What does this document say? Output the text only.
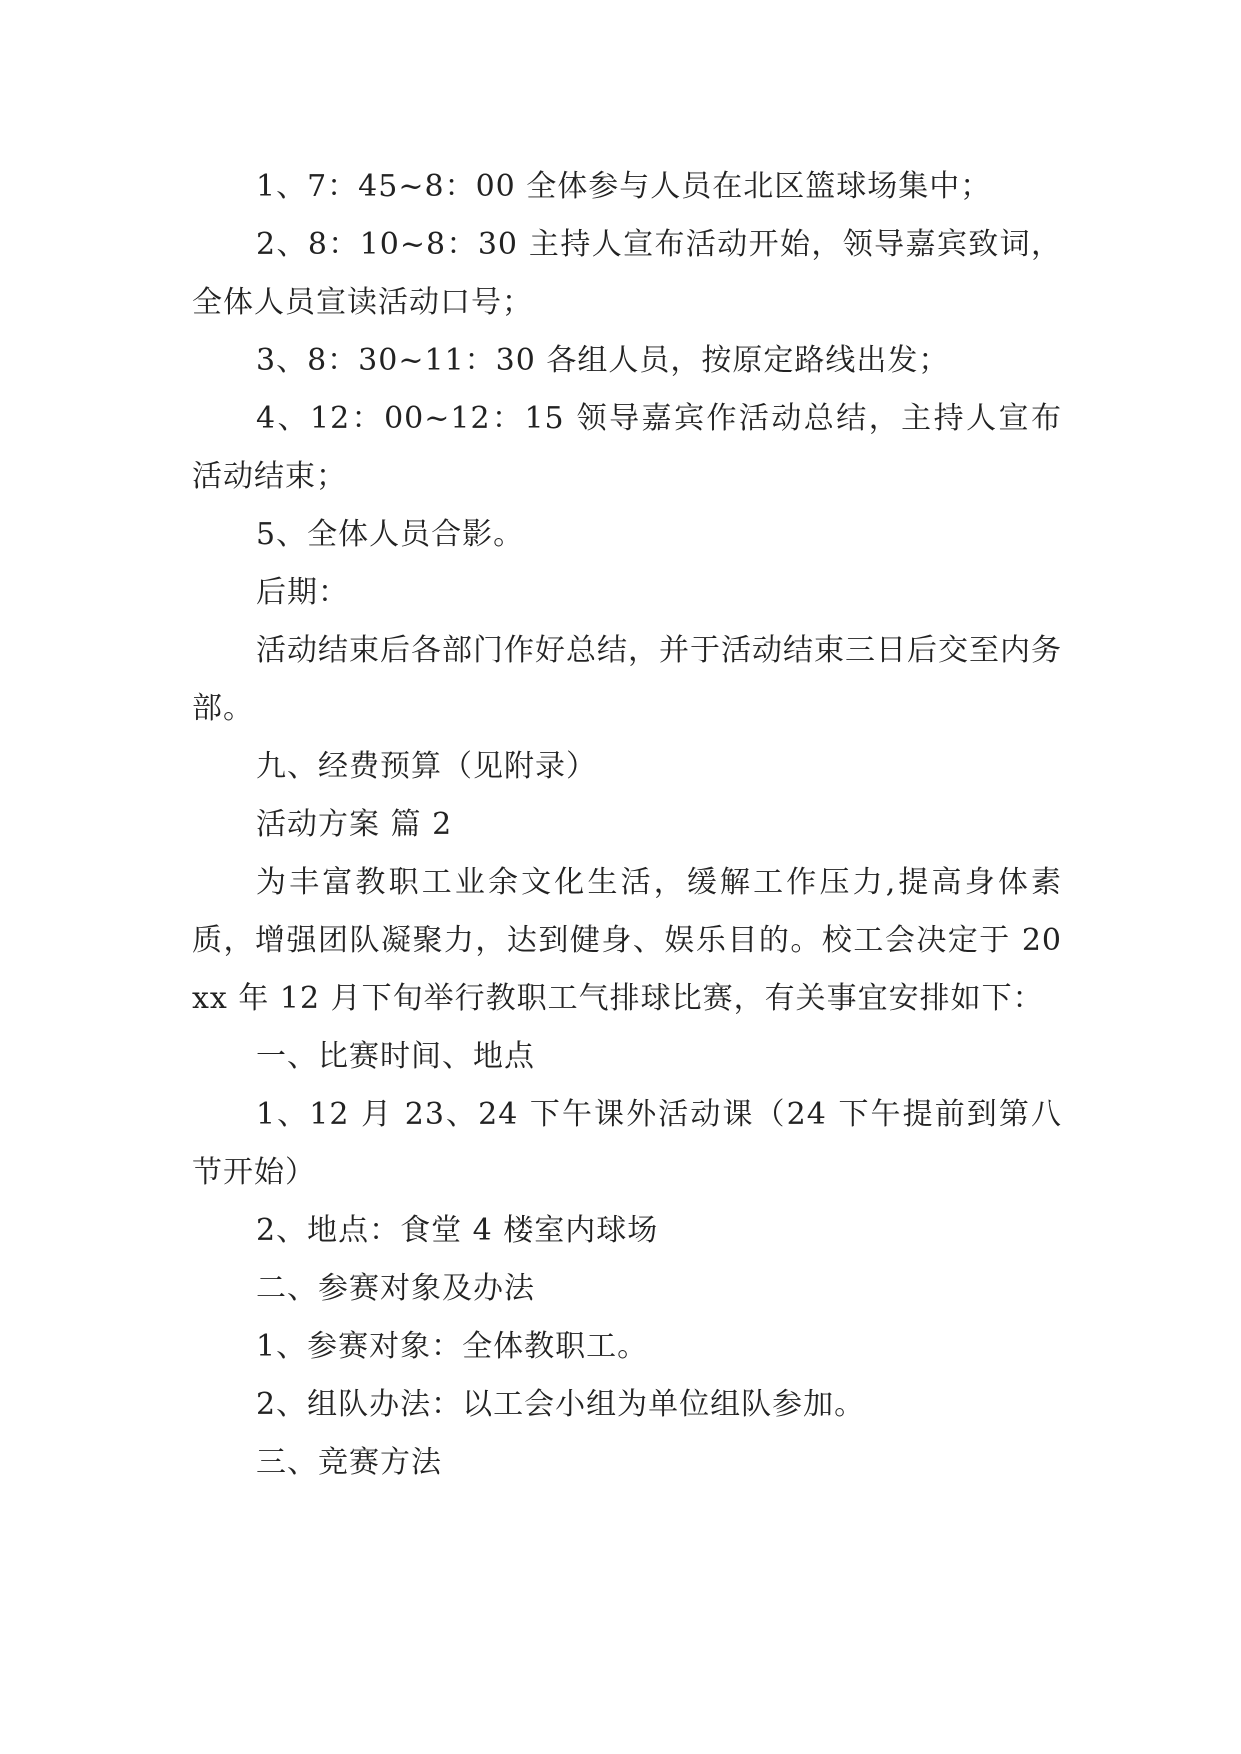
1、7：45~8：00 全体参与人员在北区篮球场集中；

2、8：10~8：30 主持人宣布活动开始，领导嘉宾致词，全体人员宣读活动口号；

3、8：30~11：30 各组人员，按原定路线出发；

4、12：00~12：15 领导嘉宾作活动总结，主持人宣布活动结束；

5、全体人员合影。

后期：

活动结束后各部门作好总结，并于活动结束三日后交至内务部。

九、经费预算（见附录）

活动方案 篇 2

为丰富教职工业余文化生活，缓解工作压力,提高身体素质，增强团队凝聚力，达到健身、娱乐目的。校工会决定于 20xx 年 12 月下旬举行教职工气排球比赛，有关事宜安排如下：

一、比赛时间、地点

1、12 月 23、24 下午课外活动课（24 下午提前到第八节开始）

2、地点：食堂 4 楼室内球场

二、参赛对象及办法

1、参赛对象：全体教职工。

2、组队办法：以工会小组为单位组队参加。

三、竞赛方法
